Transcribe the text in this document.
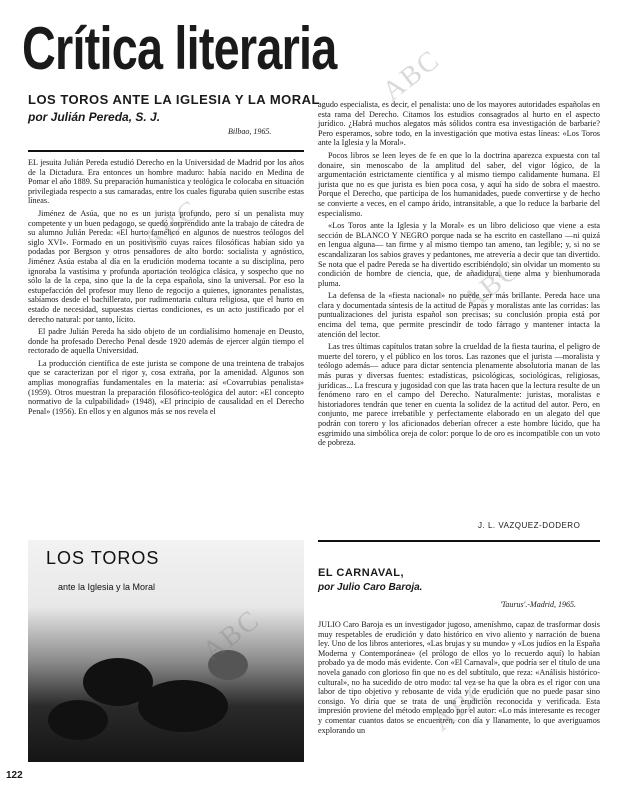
Crítica literaria
LOS TOROS ANTE LA IGLESIA Y LA MORAL
por Julián Pereda, S. J.
Bilbao, 1965.

EL jesuita Julián Pereda estudió Derecho en la Universidad de Madrid por los años de la Dictadura. Era entonces un hombre maduro: había nacido en Medina de Pomar el año 1889. Su preparación humanística y teológica le colocaba en situación privilegiada respecto a sus camaradas, entre los cuales figuraba quien suscribe estas líneas.

Jiménez de Asúa, que no es un jurista profundo, pero sí un penalista muy competente y un buen pedagogo, se quedó sorprendido ante la trabajo de cátedra de su alumno Julián Pereda: «El hurto famélico en algunos de nuestros teólogos del siglo XVI». Formado en un positivismo cuyas raíces filosóficas habían sido ya podadas por Bergson y otros pensadores de alto bordo: socialista y agnóstico, Jiménez Asúa estaba al día en la erudición moderna tocante a su disciplina, pero ignoraba la vastísima y profunda aportación teológica clásica, y sospecho que no sólo la de la cepa, sino que la de la cepa española, sino la universal. Por eso la estupefacción del profesor muy lleno de regocijo a quienes, ignorantes penalistas, sabíamos desde el bachillerato, por rudimentaria cultura religiosa, que el hurto en estado de necesidad, supuestas ciertas condiciones, es un acto justificado por el derecho natural: por tanto, lícito.

El padre Julián Pereda ha sido objeto de un cordialísimo homenaje en Deusto, donde ha profesado Derecho Penal desde 1920 además de ejercer algún tiempo el rectorado de aquella Universidad.

La producción científica de este jurista se compone de una treintena de trabajos que se caracterizan por el rigor y, cosa extraña, por la amenidad. Algunos son amplias monografías fundamentales en la materia: así «Covarrubias penalista» (1959). Otros muestran la preparación filosófico-teológica del autor: «El concepto normativo de la culpabilidad» (1948), «El principio de causalidad en el Derecho Penal» (1956). En ellos y en algunos más se nos revela el

agudo especialista, es decir, el penalista: uno de los mayores autoridades españolas en esta rama del Derecho. Citamos los estudios consagrados al hurto en el aspecto jurídico. ¿Habrá muchos alegatos más sólidos contra esa investigación de barbarie? Pero esperamos, sobre todo, en la investigación que motiva estas líneas: «Los Toros ante la Iglesia y la Moral».

Pocos libros se leen leyes de fe en que lo la doctrina aparezca expuesta con tal donaire, sin menoscabo de la amplitud del saber, del vigor lógico, de la argumentación estrictamente científica y al mismo tiempo calidamente humana. El jurista que no es que jurista es bien poca cosa, y aquí ha sido de sobra el maestro. Porque el Derecho, que participa de los humanidades, puede convertirse y de hecho se convierte a veces, en el campo árido, intransitable, a que lo reduce la barbarie del especialismo.

«Los Toros ante la Iglesia y la Moral» es un libro delicioso que viene a esta sección de BLANCO Y NEGRO porque nada se ha escrito en castellano —ni quizá en lengua alguna— tan firme y al mismo tiempo tan ameno, tan legible; y, si no se escandalizaran los sabios graves y pedantones, me atrevería a decir que tan divertido. Se nota que el padre Pereda se ha divertido escribiéndolo, sin olvidar un momento su condición de hombre de ciencia, que, de añadidura, tiene alma y bienhumorada pluma.

La defensa de la «fiesta nacional» no puede ser más brillante. Pereda hace una clara y documentada síntesis de la actitud de Papas y moralistas ante las corridas: las puntualizaciones del jurista español son precisas; su conclusión propia está por encima del tema, que permite prescindir de todo fárrago y mantener intacta la atención del lector.

Las tres últimas capítulos tratan sobre la crueldad de la fiesta taurina, el peligro de muerte del torero, y el público en los toros. Las razones que el jurista —moralista y teólogo además— aduce para dictar sentencia plenamente absolutoria manan de las más puras y diversas fuentes: estadísticas, psicológicas, sociológicas, religiosas, jurídicas... La frescura y jugosidad con que las trata hacen que la lectura resulte de un fenómeno raro en el campo del Derecho. Naturalmente: juristas, moralistas e historiadores tendrán que tener en cuenta la solidez de la actitud del autor. Pero, en conjunto, me parece irrebatible y perfectamente elaborado en un alegato del que podrán con torero y los aficionados deberían ofrecer a este hombre lúcido, que ha esgrimido una simbólica oreja de color: porque lo de oro es incompatible con un voto de pobreza.

J. L. VAZQUEZ-DODERO
LOS TOROS
ante la Iglesia y la Moral
EL CARNAVAL,
por Julio Caro Baroja.
'Taurus'.-Madrid, 1965.

JULIO Caro Baroja es un investigador jugoso, ameníshmo, capaz de trasformar dosis muy respetables de erudición y dato histórico en vivo aliento y narración de buena ley. Uno de los libros anteriores, «Las brujas y su mundo» y «Los judíos en la España Moderna y Contemporánea» (el prólogo de ellos yo lo recuerdo aquí) lo habían probado ya de modo más evidente. Con «El Carnaval», que podría ser el título de una novela ganado con glorioso fin que no es del subtítulo, que reza: «Análisis histórico-cultural», no ha sucedido de otro modo: tal vez se ha que la obra es el rigor con una labor de tipo objetivo y rebosante de vida y de erudición que no puede pasar sino consigo. Yo diría que se trata de una erudición reconocida y verificada. Esta impresión proviene del método empleado por el autor: «Lo más interesante es recoger y comentar cuantos datos se encuentren, con día y llanamente, lo que averiguamos explorando un

122
ABC
ABC
ABC
ABC
ABC
